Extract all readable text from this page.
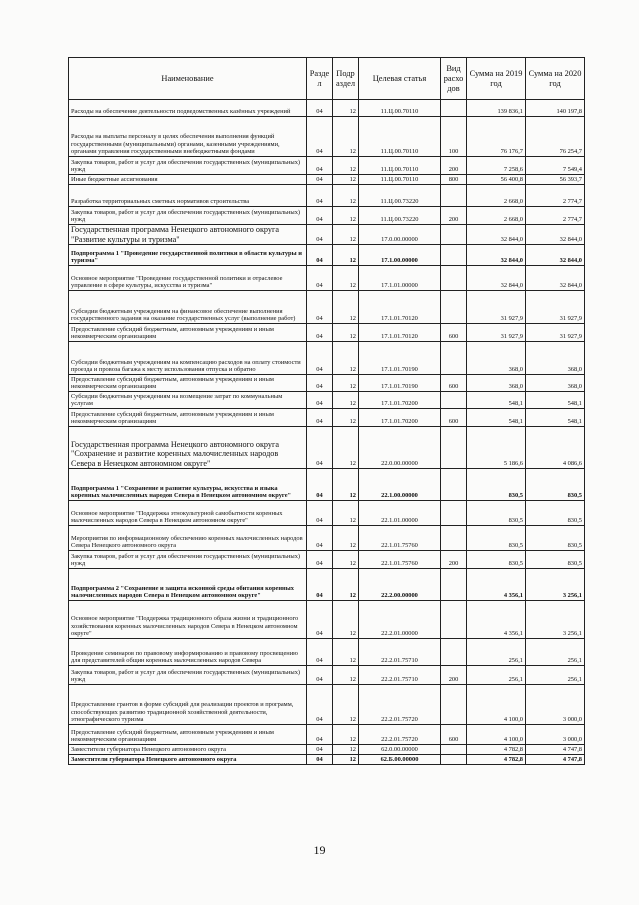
Наименование	Разде л	Подр аздел	Целевая статья	Вид расхо дов	Сумма на 2019 год	Сумма на 2020 год
Расходы на обеспечение деятельности подведомственных казённых учреждений	04	12	11.Ц.00.70110		139 836,1	140 197,8
Расходы на выплаты персоналу в целях обеспечения выполнения функций государственными (муниципальными) органами, казенными учреждениями, органами управления государственными внебюджетными фондами	04	12	11.Ц.00.70110	100	76 176,7	76 254,7
Закупка товаров, работ и услуг для обеспечения государственных (муниципальных) нужд	04	12	11.Ц.00.70110	200	7 258,6	7 549,4
Иные бюджетные ассигнования	04	12	11.Ц.00.70110	800	56 400,8	56 393,7
Разработка территориальных сметных нормативов строительства	04	12	11.Ц.00.73220		2 668,0	2 774,7
Закупка товаров, работ и услуг для обеспечения государственных (муниципальных) нужд	04	12	11.Ц.00.73220	200	2 668,0	2 774,7
Государственная программа Ненецкого автономного округа "Развитие культуры и туризма"	04	12	17.0.00.00000		32 844,0	32 844,0
Подпрограмма 1 "Проведение государственной политики в области культуры и туризма"	04	12	17.1.00.00000		32 844,0	32 844,0
Основное мероприятие "Проведение государственной политики и отраслевое управление в сфере культуры, искусства и туризма"	04	12	17.1.01.00000		32 844,0	32 844,0
Субсидии бюджетным учреждениям на финансовое обеспечение выполнения государственного задания на оказание государственных услуг (выполнение работ)	04	12	17.1.01.70120		31 927,9	31 927,9
Предоставление субсидий бюджетным, автономным учреждениям и иным некоммерческим организациям	04	12	17.1.01.70120	600	31 927,9	31 927,9
Субсидии бюджетным учреждениям на компенсацию расходов на оплату стоимости проезда и провоза багажа к месту использования отпуска и обратно	04	12	17.1.01.70190		368,0	368,0
Предоставление субсидий бюджетным, автономным учреждениям и иным некоммерческим организациям	04	12	17.1.01.70190	600	368,0	368,0
Субсидии бюджетным учреждениям на возмещение затрат по коммунальным услугам	04	12	17.1.01.70200		548,1	548,1
Предоставление субсидий бюджетным, автономным учреждениям и иным некоммерческим организациям	04	12	17.1.01.70200	600	548,1	548,1
Государственная программа Ненецкого автономного округа "Сохранение и развитие коренных малочисленных народов Севера в Ненецком автономном округе"	04	12	22.0.00.00000		5 186,6	4 086,6
Подпрограмма 1 "Сохранение и развитие культуры, искусства и языка коренных малочисленных народов Севера в Ненецком автономном округе"	04	12	22.1.00.00000		830,5	830,5
Основное мероприятие "Поддержка этнокультурной самобытности коренных малочисленных народов Севера в Ненецком автономном округе"	04	12	22.1.01.00000		830,5	830,5
Мероприятия по информационному обеспечению коренных малочисленных народов Севера Ненецкого автономного округа	04	12	22.1.01.75760		830,5	830,5
Закупка товаров, работ и услуг для обеспечения государственных (муниципальных) нужд	04	12	22.1.01.75760	200	830,5	830,5
Подпрограмма 2 "Сохранение и защита исконной среды обитания коренных малочисленных народов Севера в Ненецком автономном округе"	04	12	22.2.00.00000		4 356,1	3 256,1
Основное мероприятие "Поддержка традиционного образа жизни и традиционного хозяйствования коренных малочисленных народов Севера в Ненецком автономном округе"	04	12	22.2.01.00000		4 356,1	3 256,1
Проведение семинаров по правовому информированию и правовому просвещению для представителей общин коренных малочисленных народов Севера	04	12	22.2.01.75710		256,1	256,1
Закупка товаров, работ и услуг для обеспечения государственных (муниципальных) нужд	04	12	22.2.01.75710	200	256,1	256,1
Предоставление грантов в форме субсидий для реализации проектов и программ, способствующих развитию традиционной хозяйственной деятельности, этнографического туризма	04	12	22.2.01.75720		4 100,0	3 000,0
Предоставление субсидий бюджетным, автономным учреждениям и иным некоммерческим организациям	04	12	22.2.01.75720	600	4 100,0	3 000,0
Заместители губернатора Ненецкого автономного округа	04	12	62.0.00.00000		4 782,8	4 747,8
Заместители губернатора Ненецкого автономного округа	04	12	62.Б.00.00000		4 782,8	4 747,8
19
